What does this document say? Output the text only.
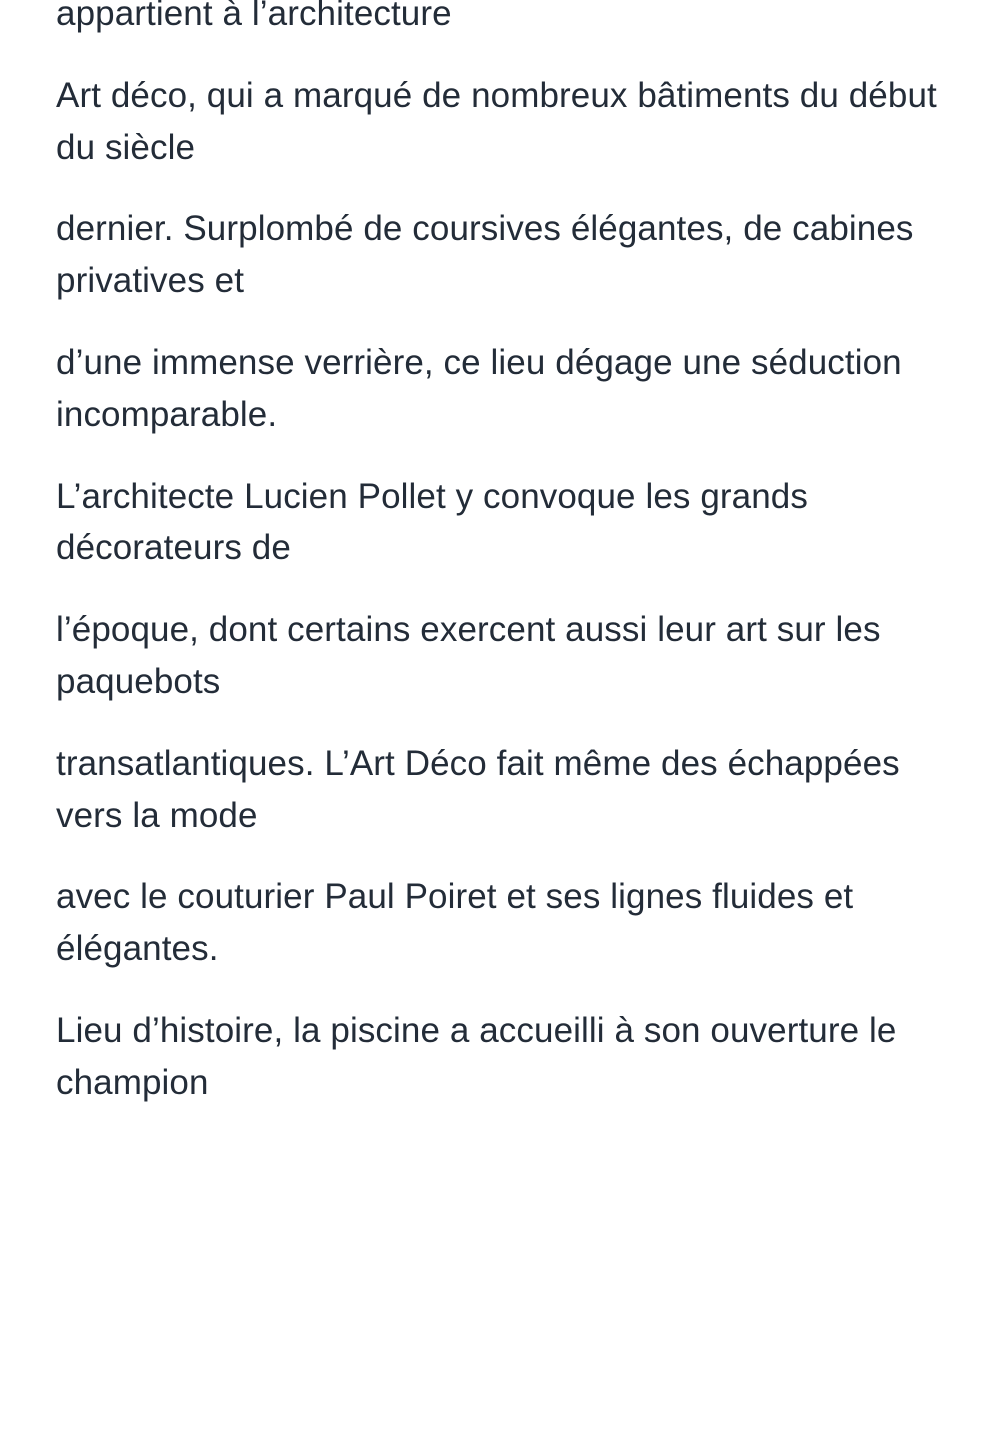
appartient à l’architecture

Art déco, qui a marqué de nombreux bâtiments du début du siècle

dernier. Surplombé de coursives élégantes, de cabines privatives et

d’une immense verrière, ce lieu dégage une séduction incomparable.

L’architecte Lucien Pollet y convoque les grands décorateurs de

l’époque, dont certains exercent aussi leur art sur les paquebots

transatlantiques. L’Art Déco fait même des échappées vers la mode

avec le couturier Paul Poiret et ses lignes fluides et élégantes.

Lieu d’histoire, la piscine a accueilli à son ouverture le champion
